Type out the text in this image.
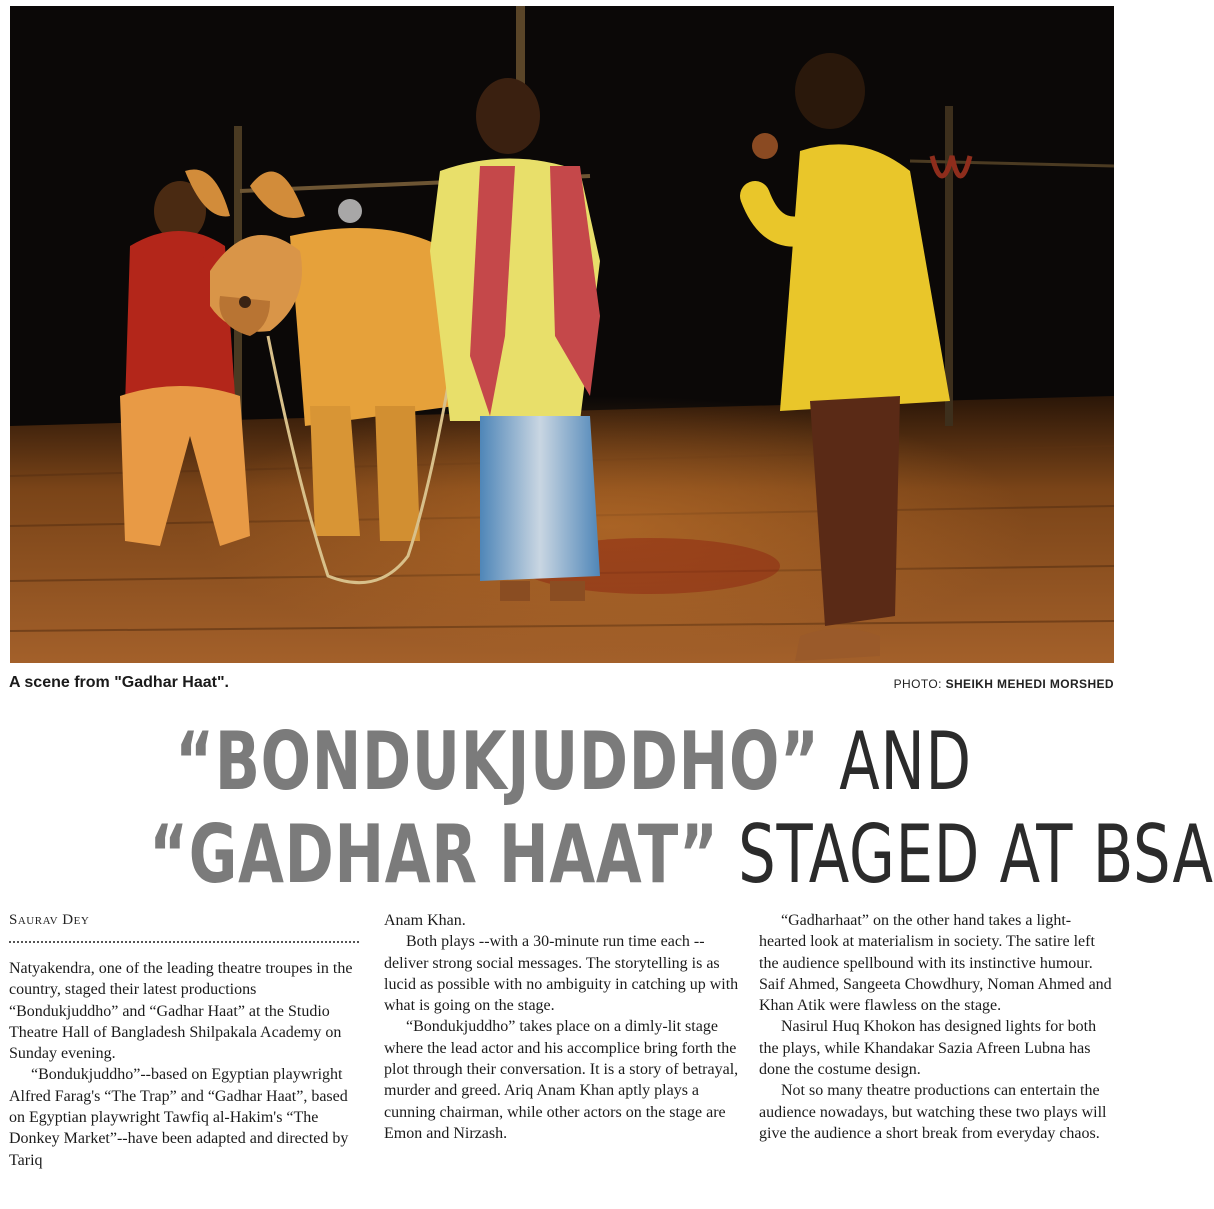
A scene from "Gadhar Haat".	PHOTO: SHEIKH MEHEDI MORSHED
“BONDUKJUDDHO” AND
“GADHAR HAAT” STAGED AT BSA
Saurav Dey

Natyakendra, one of the leading theatre troupes in the country, staged their latest productions “Bondukjuddho” and “Gadhar Haat” at the Studio Theatre Hall of Bangladesh Shilpakala Academy on Sunday evening.

“Bondukjuddho”--based on Egyptian playwright Alfred Farag's “The Trap” and “Gadhar Haat”, based on Egyptian playwright Tawfiq al-Hakim's “The Donkey Market”--have been adapted and directed by Tariq

Anam Khan.

Both plays --with a 30-minute run time each -- deliver strong social messages. The storytelling is as lucid as possible with no ambiguity in catching up with what is going on the stage.

“Bondukjuddho” takes place on a dimly-lit stage where the lead actor and his accomplice bring forth the plot through their conversation. It is a story of betrayal, murder and greed. Ariq Anam Khan aptly plays a cunning chairman, while other actors on the stage are Emon and Nirzash.

“Gadharhaat” on the other hand takes a light-hearted look at materialism in society. The satire left the audience spellbound with its instinctive humour. Saif Ahmed, Sangeeta Chowdhury, Noman Ahmed and Khan Atik were flawless on the stage.

Nasirul Huq Khokon has designed lights for both the plays, while Khandakar Sazia Afreen Lubna has done the costume design.

Not so many theatre productions can entertain the audience nowadays, but watching these two plays will give the audience a short break from everyday chaos.
